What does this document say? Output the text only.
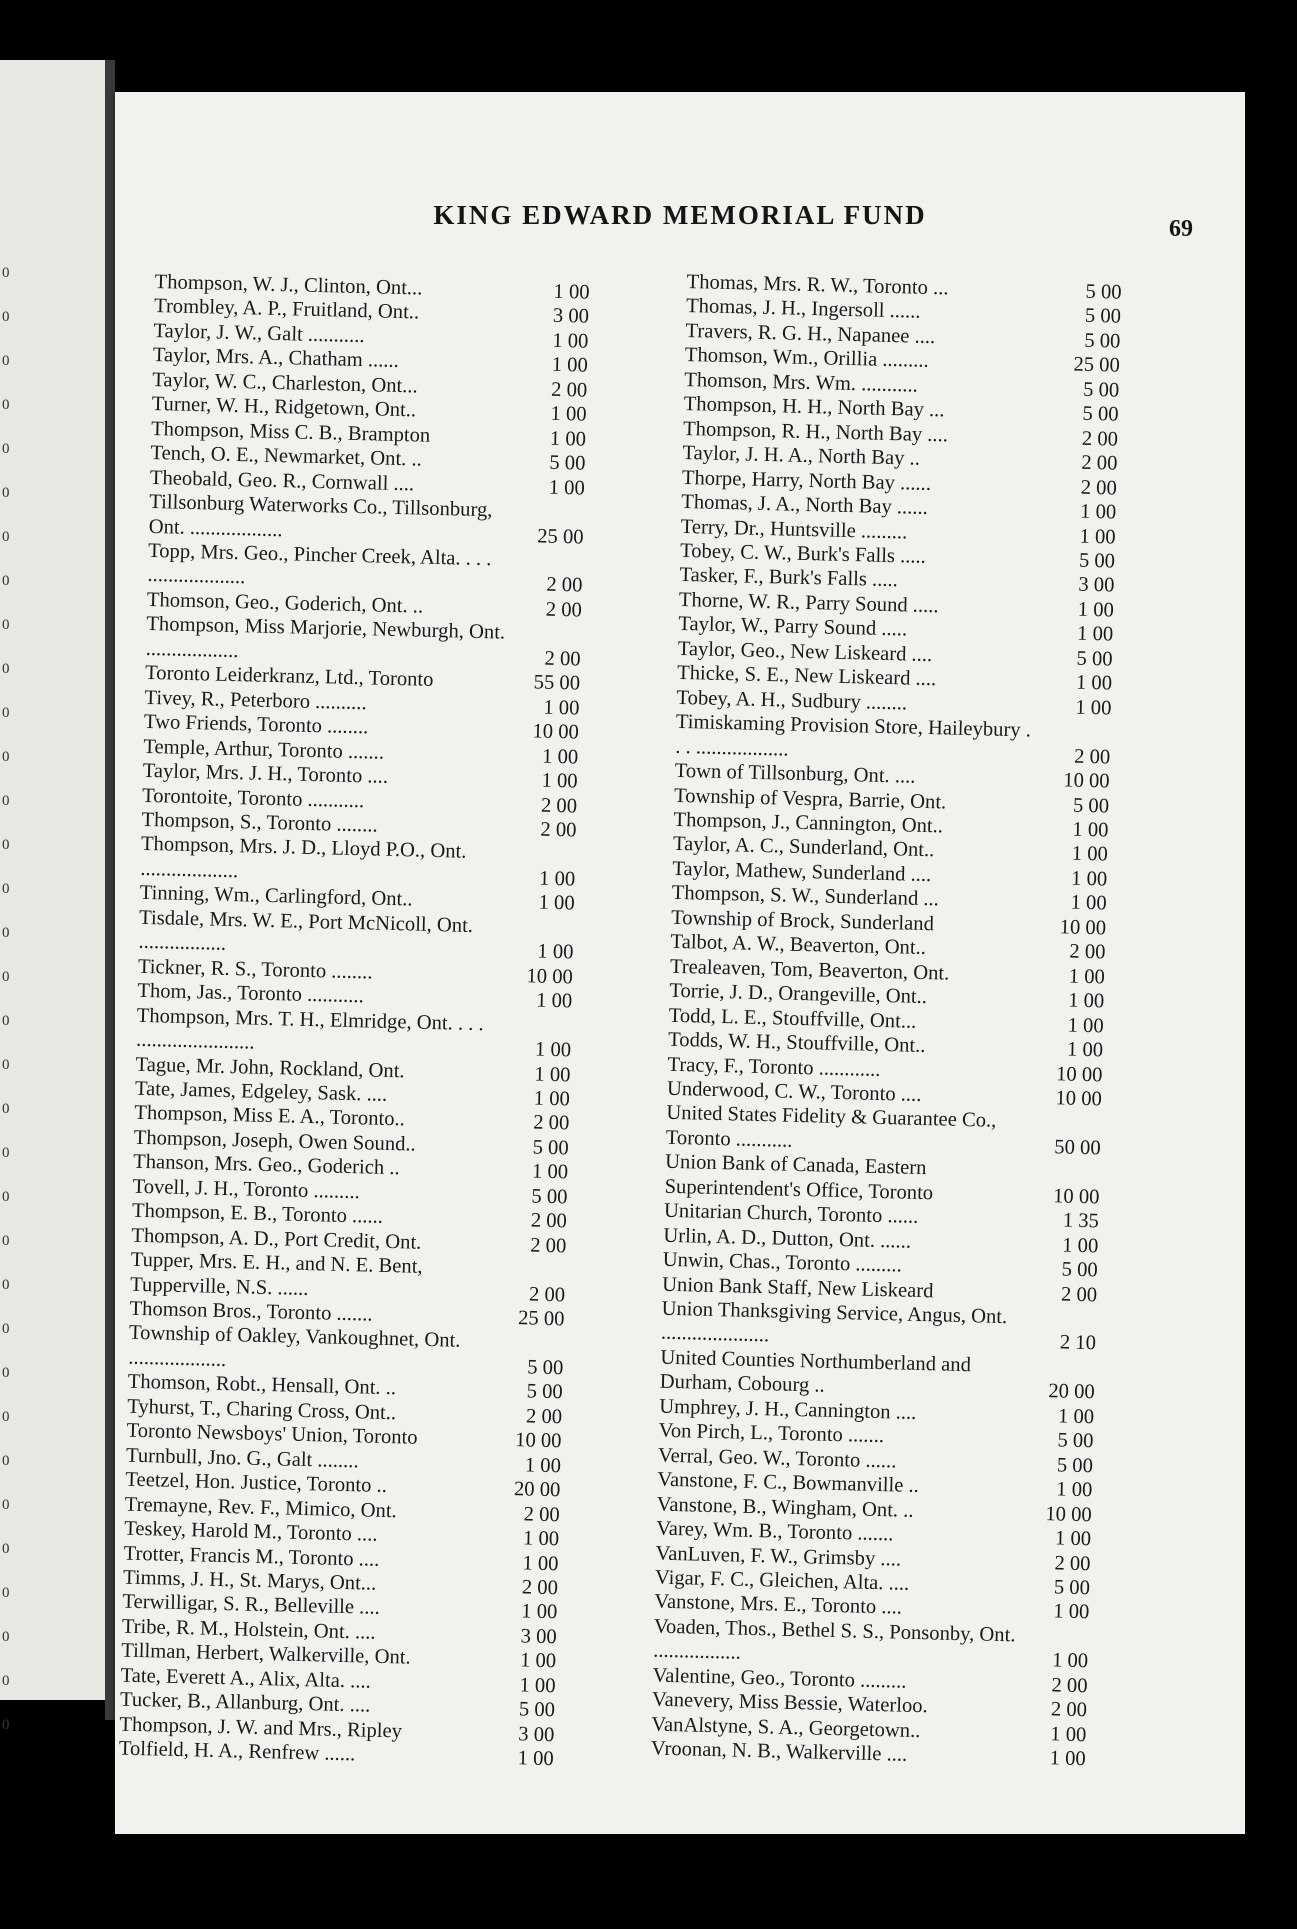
0
0
0
0
0
0
0
0
0
0
0
0
0
0
0
0
0
0
0
0
0
0
0
0
0
0
0
0
0
0
0
0
0
0
KING EDWARD MEMORIAL FUND	69
Thompson, W. J., Clinton, Ont...	1 00
Trombley, A. P., Fruitland, Ont..	3 00
Taylor, J. W., Galt ...........	1 00
Taylor, Mrs. A., Chatham ......	1 00
Taylor, W. C., Charleston, Ont...	2 00
Turner, W. H., Ridgetown, Ont..	1 00
Thompson, Miss C. B., Brampton	1 00
Tench, O. E., Newmarket, Ont. ..	5 00
Theobald, Geo. R., Cornwall ....	1 00
Tillsonburg Waterworks Co., Tillsonburg, Ont. ..................	25 00
Topp, Mrs. Geo., Pincher Creek, Alta. . . . ...................	2 00
Thomson, Geo., Goderich, Ont. ..	2 00
Thompson, Miss Marjorie, Newburgh, Ont. ..................	2 00
Toronto Leiderkranz, Ltd., Toronto	55 00
Tivey, R., Peterboro ..........	1 00
Two Friends, Toronto ........	10 00
Temple, Arthur, Toronto .......	1 00
Taylor, Mrs. J. H., Toronto ....	1 00
Torontoite, Toronto ...........	2 00
Thompson, S., Toronto ........	2 00
Thompson, Mrs. J. D., Lloyd P.O., Ont. ...................	1 00
Tinning, Wm., Carlingford, Ont..	1 00
Tisdale, Mrs. W. E., Port McNicoll, Ont. .................	1 00
Tickner, R. S., Toronto ........	10 00
Thom, Jas., Toronto ...........	1 00
Thompson, Mrs. T. H., Elmridge, Ont. . . . .......................	1 00
Tague, Mr. John, Rockland, Ont.	1 00
Tate, James, Edgeley, Sask. ....	1 00
Thompson, Miss E. A., Toronto..	2 00
Thompson, Joseph, Owen Sound..	5 00
Thanson, Mrs. Geo., Goderich ..	1 00
Tovell, J. H., Toronto .........	5 00
Thompson, E. B., Toronto ......	2 00
Thompson, A. D., Port Credit, Ont.	2 00
Tupper, Mrs. E. H., and N. E. Bent, Tupperville, N.S. ......	2 00
Thomson Bros., Toronto .......	25 00
Township of Oakley, Vankoughnet, Ont. ...................	5 00
Thomson, Robt., Hensall, Ont. ..	5 00
Tyhurst, T., Charing Cross, Ont..	2 00
Toronto Newsboys' Union, Toronto	10 00
Turnbull, Jno. G., Galt ........	1 00
Teetzel, Hon. Justice, Toronto ..	20 00
Tremayne, Rev. F., Mimico, Ont.	2 00
Teskey, Harold M., Toronto ....	1 00
Trotter, Francis M., Toronto ....	1 00
Timms, J. H., St. Marys, Ont...	2 00
Terwilligar, S. R., Belleville ....	1 00
Tribe, R. M., Holstein, Ont. ....	3 00
Tillman, Herbert, Walkerville, Ont.	1 00
Tate, Everett A., Alix, Alta. ....	1 00
Tucker, B., Allanburg, Ont. ....	5 00
Thompson, J. W. and Mrs., Ripley	3 00
Tolfield, H. A., Renfrew ......	1 00
Thomas, Mrs. R. W., Toronto ...	5 00
Thomas, J. H., Ingersoll ......	5 00
Travers, R. G. H., Napanee ....	5 00
Thomson, Wm., Orillia .........	25 00
Thomson, Mrs. Wm. ...........	5 00
Thompson, H. H., North Bay ...	5 00
Thompson, R. H., North Bay ....	2 00
Taylor, J. H. A., North Bay ..	2 00
Thorpe, Harry, North Bay ......	2 00
Thomas, J. A., North Bay ......	1 00
Terry, Dr., Huntsville .........	1 00
Tobey, C. W., Burk's Falls .....	5 00
Tasker, F., Burk's Falls .....	3 00
Thorne, W. R., Parry Sound .....	1 00
Taylor, W., Parry Sound .....	1 00
Taylor, Geo., New Liskeard ....	5 00
Thicke, S. E., New Liskeard ....	1 00
Tobey, A. H., Sudbury ........	1 00
Timiskaming Provision Store, Haileybury . . . ..................	2 00
Town of Tillsonburg, Ont. ....	10 00
Township of Vespra, Barrie, Ont.	5 00
Thompson, J., Cannington, Ont..	1 00
Taylor, A. C., Sunderland, Ont..	1 00
Taylor, Mathew, Sunderland ....	1 00
Thompson, S. W., Sunderland ...	1 00
Township of Brock, Sunderland	10 00
Talbot, A. W., Beaverton, Ont..	2 00
Trealeaven, Tom, Beaverton, Ont.	1 00
Torrie, J. D., Orangeville, Ont..	1 00
Todd, L. E., Stouffville, Ont...	1 00
Todds, W. H., Stouffville, Ont..	1 00
Tracy, F., Toronto ............	10 00
Underwood, C. W., Toronto ....	10 00
United States Fidelity & Guarantee Co., Toronto ...........	50 00
Union Bank of Canada, Eastern Superintendent's Office, Toronto	10 00
Unitarian Church, Toronto ......	1 35
Urlin, A. D., Dutton, Ont. ......	1 00
Unwin, Chas., Toronto .........	5 00
Union Bank Staff, New Liskeard	2 00
Union Thanksgiving Service, Angus, Ont. .....................	2 10
United Counties Northumberland and Durham, Cobourg ..	20 00
Umphrey, J. H., Cannington ....	1 00
Von Pirch, L., Toronto .......	5 00
Verral, Geo. W., Toronto ......	5 00
Vanstone, F. C., Bowmanville ..	1 00
Vanstone, B., Wingham, Ont. ..	10 00
Varey, Wm. B., Toronto .......	1 00
VanLuven, F. W., Grimsby ....	2 00
Vigar, F. C., Gleichen, Alta. ....	5 00
Vanstone, Mrs. E., Toronto ....	1 00
Voaden, Thos., Bethel S. S., Ponsonby, Ont. .................	1 00
Valentine, Geo., Toronto .........	2 00
Vanevery, Miss Bessie, Waterloo.	2 00
VanAlstyne, S. A., Georgetown..	1 00
Vroonan, N. B., Walkerville ....	1 00
